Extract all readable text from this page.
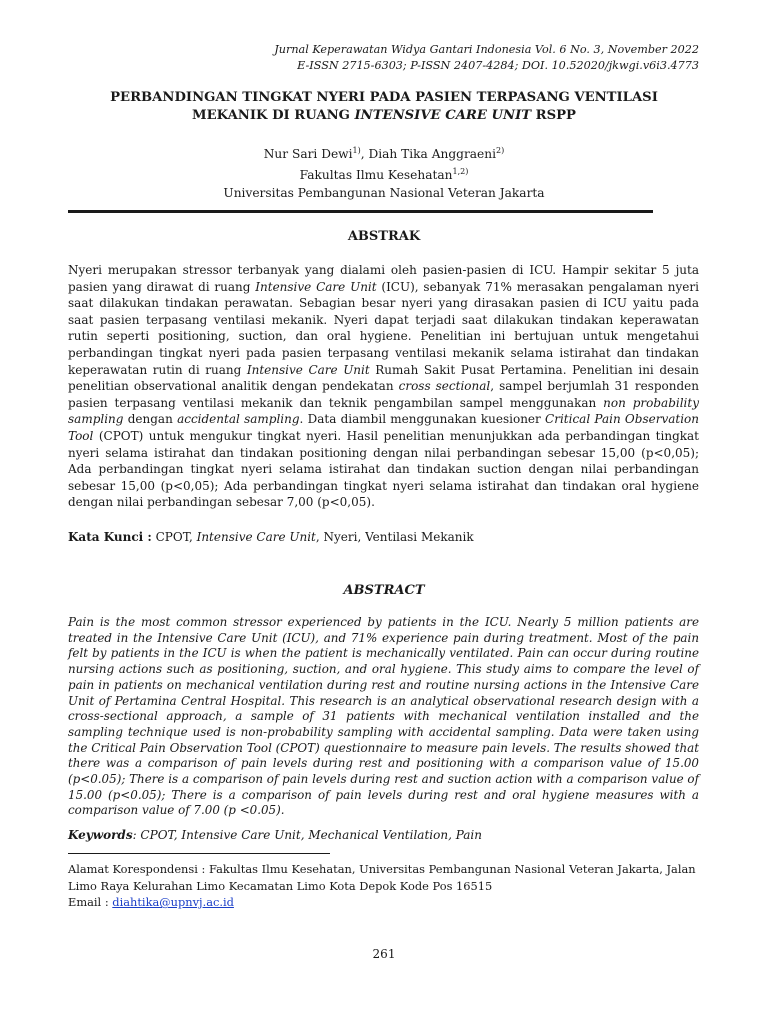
Jurnal Keperawatan Widya Gantari Indonesia Vol. 6 No. 3, November 2022
E-ISSN 2715-6303; P-ISSN 2407-4284; DOI. 10.52020/jkwgi.v6i3.4773
PERBANDINGAN TINGKAT NYERI PADA PASIEN TERPASANG VENTILASI
MEKANIK DI RUANG INTENSIVE CARE UNIT RSPP
Nur Sari Dewi$^{1)}$, Diah Tika Anggraeni$^{2)}$
Fakultas Ilmu Kesehatan$^{1,2)}$
Universitas Pembangunan Nasional Veteran Jakarta
ABSTRAK

Nyeri merupakan stressor terbanyak yang dialami oleh pasien-pasien di ICU. Hampir sekitar 5 juta pasien yang dirawat di ruang Intensive Care Unit (ICU), sebanyak 71% merasakan pengalaman nyeri saat dilakukan tindakan perawatan. Sebagian besar nyeri yang dirasakan pasien di ICU yaitu pada saat pasien terpasang ventilasi mekanik. Nyeri dapat terjadi saat dilakukan tindakan keperawatan rutin seperti positioning, suction, dan oral hygiene. Penelitian ini bertujuan untuk mengetahui perbandingan tingkat nyeri pada pasien terpasang ventilasi mekanik selama istirahat dan tindakan keperawatan rutin di ruang Intensive Care Unit Rumah Sakit Pusat Pertamina. Penelitian ini desain penelitian observational analitik dengan pendekatan cross sectional, sampel berjumlah 31 responden pasien terpasang ventilasi mekanik dan teknik pengambilan sampel menggunakan non probability sampling dengan accidental sampling. Data diambil menggunakan kuesioner Critical Pain Observation Tool (CPOT) untuk mengukur tingkat nyeri. Hasil penelitian menunjukkan ada perbandingan tingkat nyeri selama istirahat dan tindakan positioning dengan nilai perbandingan sebesar 15,00 (p<0,05); Ada perbandingan tingkat nyeri selama istirahat dan tindakan suction dengan nilai perbandingan sebesar 15,00 (p<0,05); Ada perbandingan tingkat nyeri selama istirahat dan tindakan oral hygiene dengan nilai perbandingan sebesar 7,00 (p<0,05).

Kata Kunci : CPOT, Intensive Care Unit, Nyeri, Ventilasi Mekanik

ABSTRACT

Pain is the most common stressor experienced by patients in the ICU. Nearly 5 million patients are treated in the Intensive Care Unit (ICU), and 71% experience pain during treatment. Most of the pain felt by patients in the ICU is when the patient is mechanically ventilated. Pain can occur during routine nursing actions such as positioning, suction, and oral hygiene. This study aims to compare the level of pain in patients on mechanical ventilation during rest and routine nursing actions in the Intensive Care Unit of Pertamina Central Hospital. This research is an analytical observational research design with a cross-sectional approach, a sample of 31 patients with mechanical ventilation installed and the sampling technique used is non-probability sampling with accidental sampling. Data were taken using the Critical Pain Observation Tool (CPOT) questionnaire to measure pain levels. The results showed that there was a comparison of pain levels during rest and positioning with a comparison value of 15.00 (p<0.05); There is a comparison of pain levels during rest and suction action with a comparison value of 15.00 (p<0.05); There is a comparison of pain levels during rest and oral hygiene measures with a comparison value of 7.00 (p <0.05).

Keywords: CPOT, Intensive Care Unit, Mechanical Ventilation, Pain

Alamat Korespondensi : Fakultas Ilmu Kesehatan, Universitas Pembangunan Nasional Veteran Jakarta, Jalan
Limo Raya Kelurahan Limo Kecamatan Limo Kota Depok Kode Pos 16515
Email : diahtika@upnvj.ac.id
261
